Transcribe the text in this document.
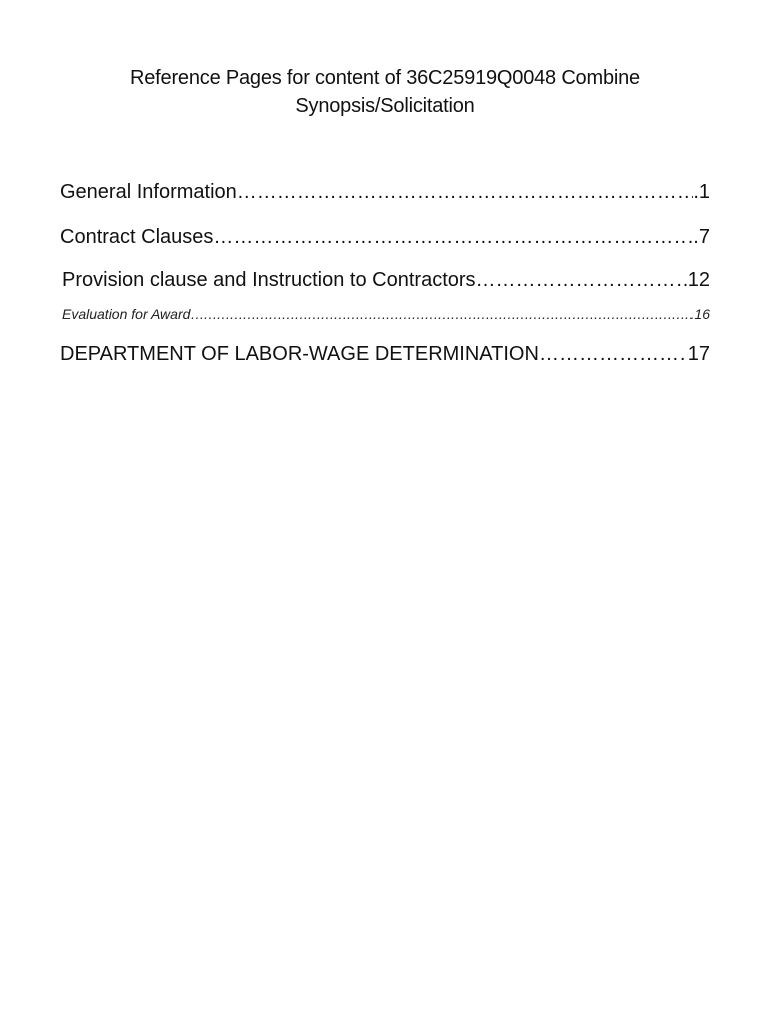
Reference Pages for content of 36C25919Q0048 Combine
Synopsis/Solicitation
General Information ……………………………………………………………………………………………………………………………………………………………………………………………………………………………………………………	.1
Contract Clauses ……………………………………………………………………………………………………………………………………………………………………………………………………………………………………………………	..7
Provision clause and Instruction to Contractors ……………………………………………………………………………………………………………………………………………………………………………………………………………………………………………………	12
Evaluation for Award ……………………………………………………………………………………………………………………………………………………………………………………………………………………………………………………	.16
DEPARTMENT OF LABOR-WAGE DETERMINATION ……………………………………………………………………………………………………………………………………………………………………………………………………………………………………………………	17
